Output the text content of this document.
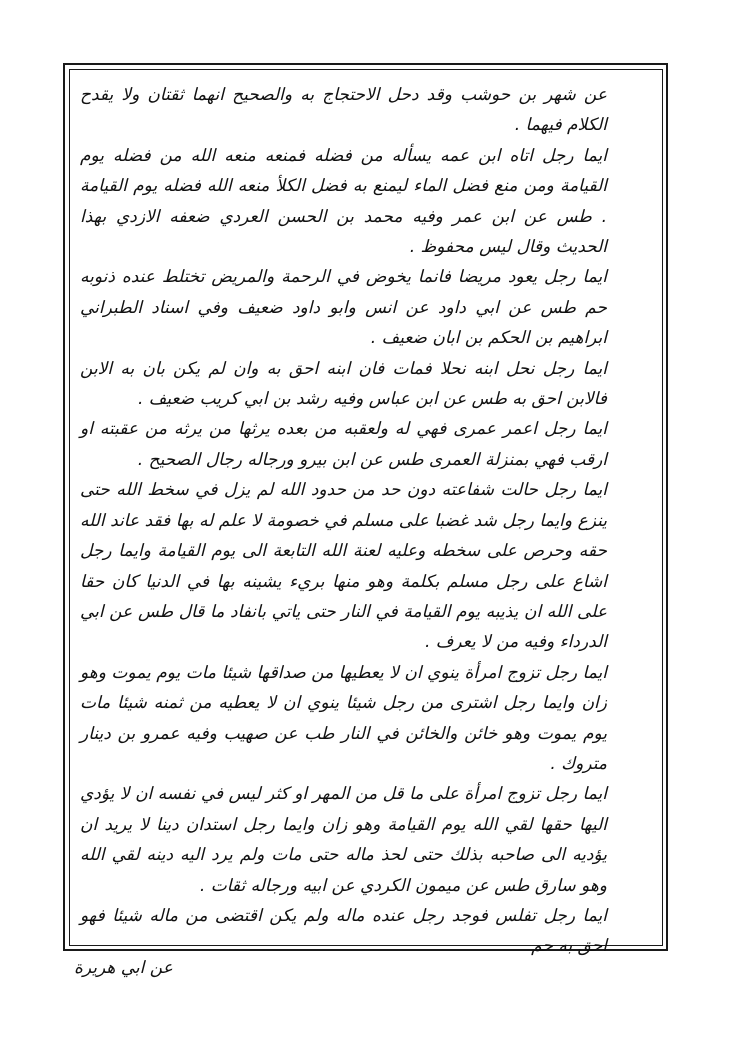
عن شهر بن حوشب وقد دحل الاحتجاج به والصحيح انهما ثقتان ولا يقدح الكلام فيهما .

ايما رجل اتاه ابن عمه يسأله من فضله فمنعه منعه الله من فضله يوم القيامة ومن منع فضل الماء ليمنع به فضل الكلأ منعه الله فضله يوم القيامة . طس عن ابن عمر وفيه محمد بن الحسن العردي ضعفه الازدي بهذا الحديث وقال ليس محفوظ .

ايما رجل يعود مريضا فانما يخوض في الرحمة والمريض تختلط عنده ذنوبه حم طس عن ابي داود عن انس وابو داود ضعيف وفي اسناد الطبراني ابراهيم بن الحكم بن ابان ضعيف .

ايما رجل نحل ابنه نحلا فمات فان ابنه احق به وان لم يكن بان به الابن فالابن احق به طس عن ابن عباس وفيه رشد بن ابي كريب ضعيف .

ايما رجل اعمر عمرى فهي له ولعقبه من بعده يرثها من يرثه من عقبته او ارقب فهي بمنزلة العمرى طس عن ابن بيرو ورجاله رجال الصحيح .

ايما رجل حالت شفاعته دون حد من حدود الله لم يزل في سخط الله حتى ينزع وايما رجل شد غضبا على مسلم في خصومة لا علم له بها فقد عاند الله حقه وحرص على سخطه وعليه لعنة الله التابعة الى يوم القيامة وايما رجل اشاع على رجل مسلم بكلمة وهو منها بريء يشينه بها في الدنيا كان حقا على الله ان يذيبه يوم القيامة في النار حتى ياتي بانفاد ما قال طس عن ابي الدرداء وفيه من لا يعرف .

ايما رجل تزوج امرأة ينوي ان لا يعطيها من صداقها شيئا مات يوم يموت وهو زان وايما رجل اشترى من رجل شيئا ينوي ان لا يعطيه من ثمنه شيئا مات يوم يموت وهو خائن والخائن في النار طب عن صهيب وفيه عمرو بن دينار متروك .

ايما رجل تزوج امرأة على ما قل من المهر او كثر ليس في نفسه ان لا يؤدي اليها حقها لقي الله يوم القيامة وهو زان وايما رجل استدان دينا لا يريد ان يؤديه الى صاحبه بذلك حتى لحذ ماله حتى مات ولم يرد اليه دينه لقي الله وهو سارق طس عن ميمون الكردي عن ابيه ورجاله ثقات .

ايما رجل تفلس فوجد رجل عنده ماله ولم يكن اقتضى من ماله شيئا فهو احق به حم

عن ابي هريرة
